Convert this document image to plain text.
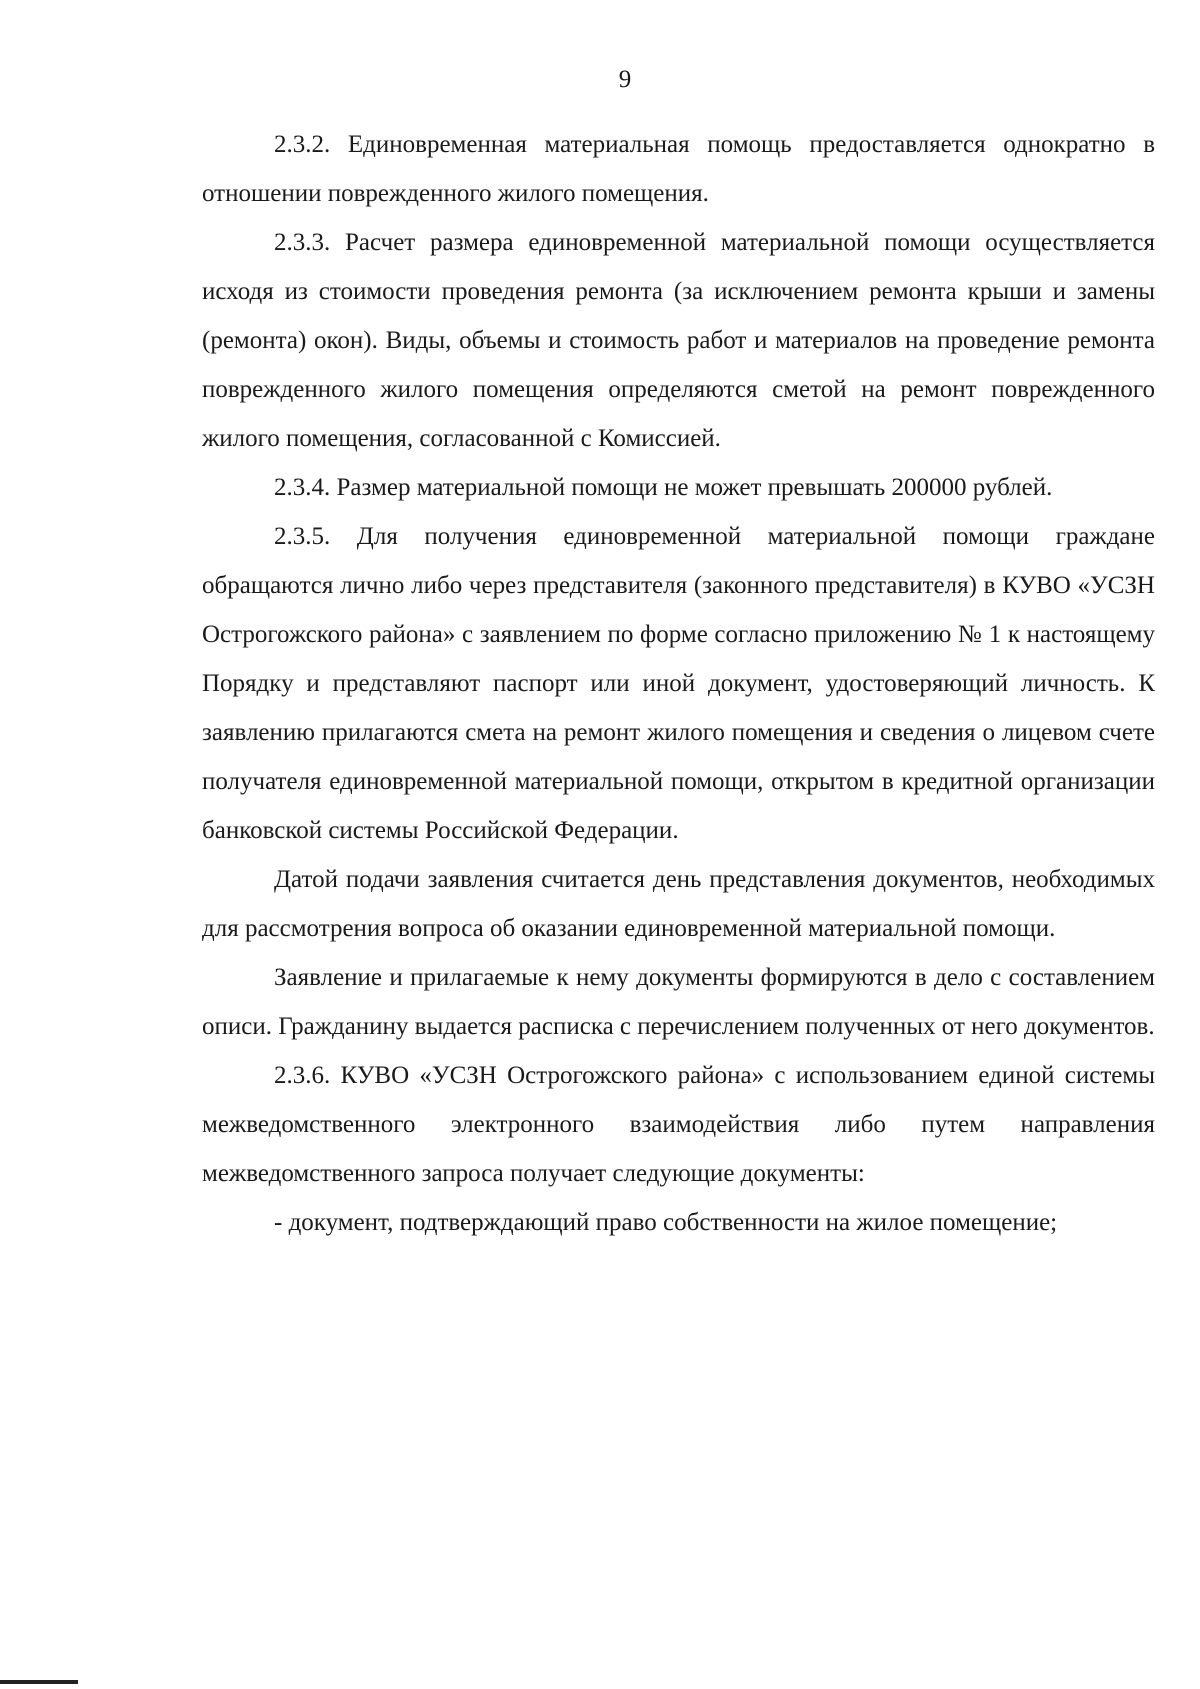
9

2.3.2. Единовременная материальная помощь предоставляется однократно в отношении поврежденного жилого помещения.

2.3.3. Расчет размера единовременной материальной помощи осуществляется исходя из стоимости проведения ремонта (за исключением ремонта крыши и замены (ремонта) окон). Виды, объемы и стоимость работ и материалов на проведение ремонта поврежденного жилого помещения определяются сметой на ремонт поврежденного жилого помещения, согласованной с Комиссией.

2.3.4. Размер материальной помощи не может превышать 200000 рублей.

2.3.5. Для получения единовременной материальной помощи граждане обращаются лично либо через представителя (законного представителя) в КУВО «УСЗН Острогожского района» с заявлением по форме согласно приложению № 1 к настоящему Порядку и представляют паспорт или иной документ, удостоверяющий личность. К заявлению прилагаются смета на ремонт жилого помещения и сведения о лицевом счете получателя единовременной материальной помощи, открытом в кредитной организации банковской системы Российской Федерации.

Датой подачи заявления считается день представления документов, необходимых для рассмотрения вопроса об оказании единовременной материальной помощи.

Заявление и прилагаемые к нему документы формируются в дело с составлением описи. Гражданину выдается расписка с перечислением полученных от него документов.

2.3.6. КУВО «УСЗН Острогожского района» с использованием единой системы межведомственного электронного взаимодействия либо путем направления межведомственного запроса получает следующие документы:

- документ, подтверждающий право собственности на жилое помещение;
